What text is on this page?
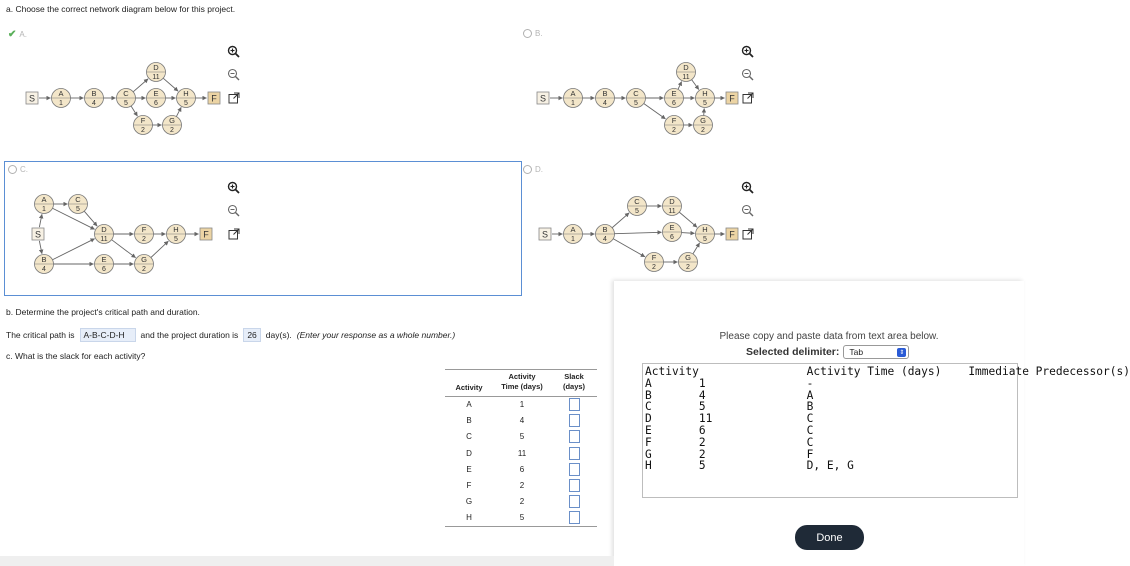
a. Choose the correct network diagram below for this project.
✔ A.
S	A
1
B
4
C
5
D
11
E
6
F
2
G
2
H
5
F
B.
S	A
1
B
4
C
5
D
11
E
6
F
2
G
2
H
5
F
C.
S
A
1
C
5
B
4
D
11
E
6
F
2
G
2
H
5
F
D.
S	A
1
B
4
C
5
D
11
E
6
F
2
G
2
H
5
F
b. Determine the project's critical path and duration.
The critical path is	A-B-C-D-H	and the project duration is	26	day(s). (Enter your response as a whole number.)
c. What is the slack for each activity?
Activity	Activity Time (days)	Slack (days)
A	1	
B	4	
C	5	
D	11	
E	6	
F	2	
G	2	
H	5	
Please copy and paste data from text area below.
Selected delimiter: Tab	⇕
Activity		Activity Time (days)	Immediate Predecessor(s)
A	1		-
B	4		A
C	5		B
D	11		C
E	6		C
F	2		C
G	2		F
H	5		D, E, G
Done
